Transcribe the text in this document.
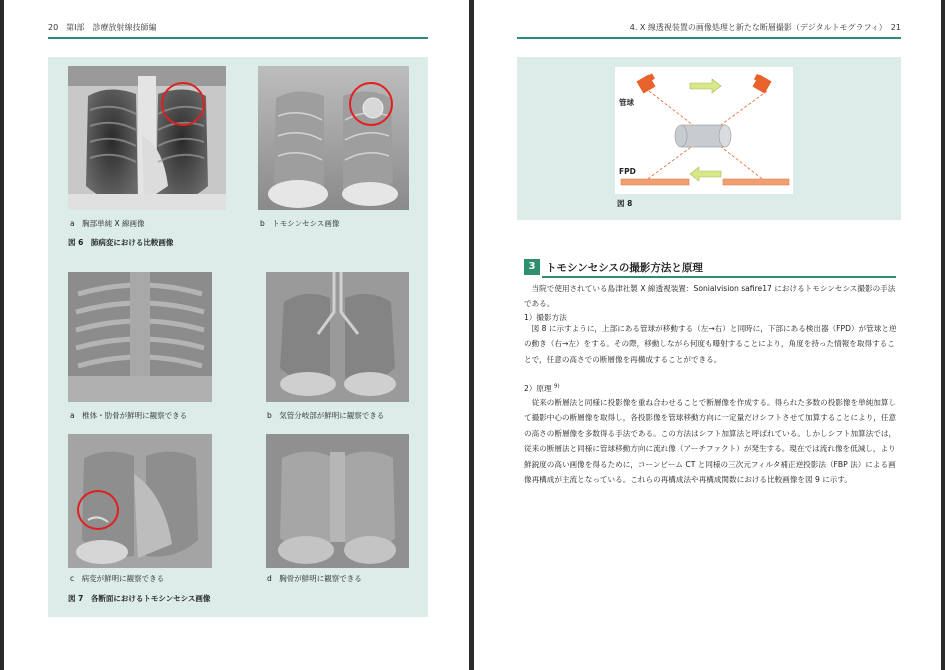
20　第Ⅰ部　診療放射線技師編
a　胸部単純 X 線画像	b　トモシンセシス画像
図 6　肺病変における比較画像
a　椎体・肋骨が鮮明に観察できる	b　気管分岐部が鮮明に観察できる
c　病変が鮮明に観察できる	d　胸骨が鮮明に観察できる
図 7　各断面におけるトモシンセシス画像
4. X 線透視装置の画像処理と新たな断層撮影（デジタルトモグラフィ）　21
管球
FPD
図 8
3	トモシンセシスの撮影方法と原理
当院で使用されている島津社製 X 線透視装置：Sonialvision safire17 におけるトモシンセシス撮影の手法である。
1）撮影方法
図 8 に示すように，上部にある管球が移動する（左→右）と同時に，下部にある検出器（FPD）が管球と逆の動き（右→左）をする。その際，移動しながら何度も曝射することにより，角度を持った情報を取得することで，任意の高さでの断層像を再構成することができる。
2）原理 $^{9)}$
従来の断層法と同様に投影像を重ね合わせることで断層像を作成する。得られた多数の投影像を単純加算して撮影中心の断層像を取得し，各投影像を管球移動方向に一定量だけシフトさせて加算することにより，任意の高さの断層像を多数得る手法である。この方法はシフト加算法と呼ばれている。しかしシフト加算法では，従来の断層法と同様に管球移動方向に流れ像（アーチファクト）が発生する。現在では流れ像を低減し，より鮮鋭度の高い画像を得るために，コーンビーム CT と同様の三次元フィルタ補正逆投影法（FBP 法）による画像再構成が主流となっている。これらの再構成法や再構成関数における比較画像を図 9 に示す。
